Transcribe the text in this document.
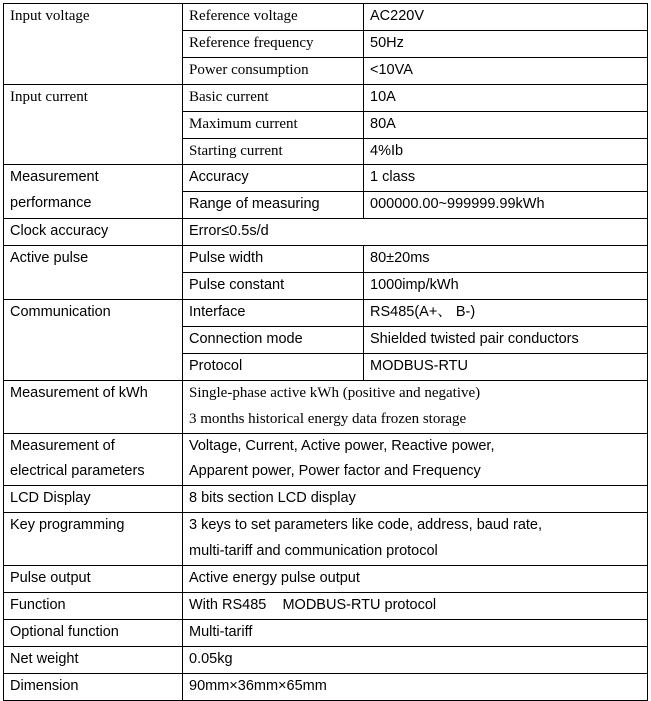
Input voltage	Reference voltage	AC220V
	Reference frequency	50Hz
	Power consumption	<10VA
Input current	Basic current	10A
	Maximum current	80A
	Starting current	4%Ib

Measurement
performance	Accuracy	1 class
	Range of measuring	000000.00~999999.99kWh
Clock accuracy	Error≤0.5s/d	
Active pulse	Pulse width	80±20ms
	Pulse constant	1000imp/kWh
Communication	Interface	RS485(A+、 B-)
	Connection mode	Shielded twisted pair conductors
	Protocol	MODBUS-RTU
Measurement of kWh	Single-phase active kWh (positive and negative)
3 months historical energy data frozen storage	

Measurement of
electrical parameters	Voltage, Current, Active power, Reactive power,
Apparent power, Power factor and Frequency	

LCD Display	8 bits section LCD display	
Key programming	3 keys to set parameters like code, address, baud rate,
multi-tariff and communication protocol	

Pulse output	Active energy pulse output	
Function	With RS485    MODBUS-RTU protocol	
Optional function	Multi-tariff	
Net weight	0.05kg	
Dimension	90mm×36mm×65mm	
